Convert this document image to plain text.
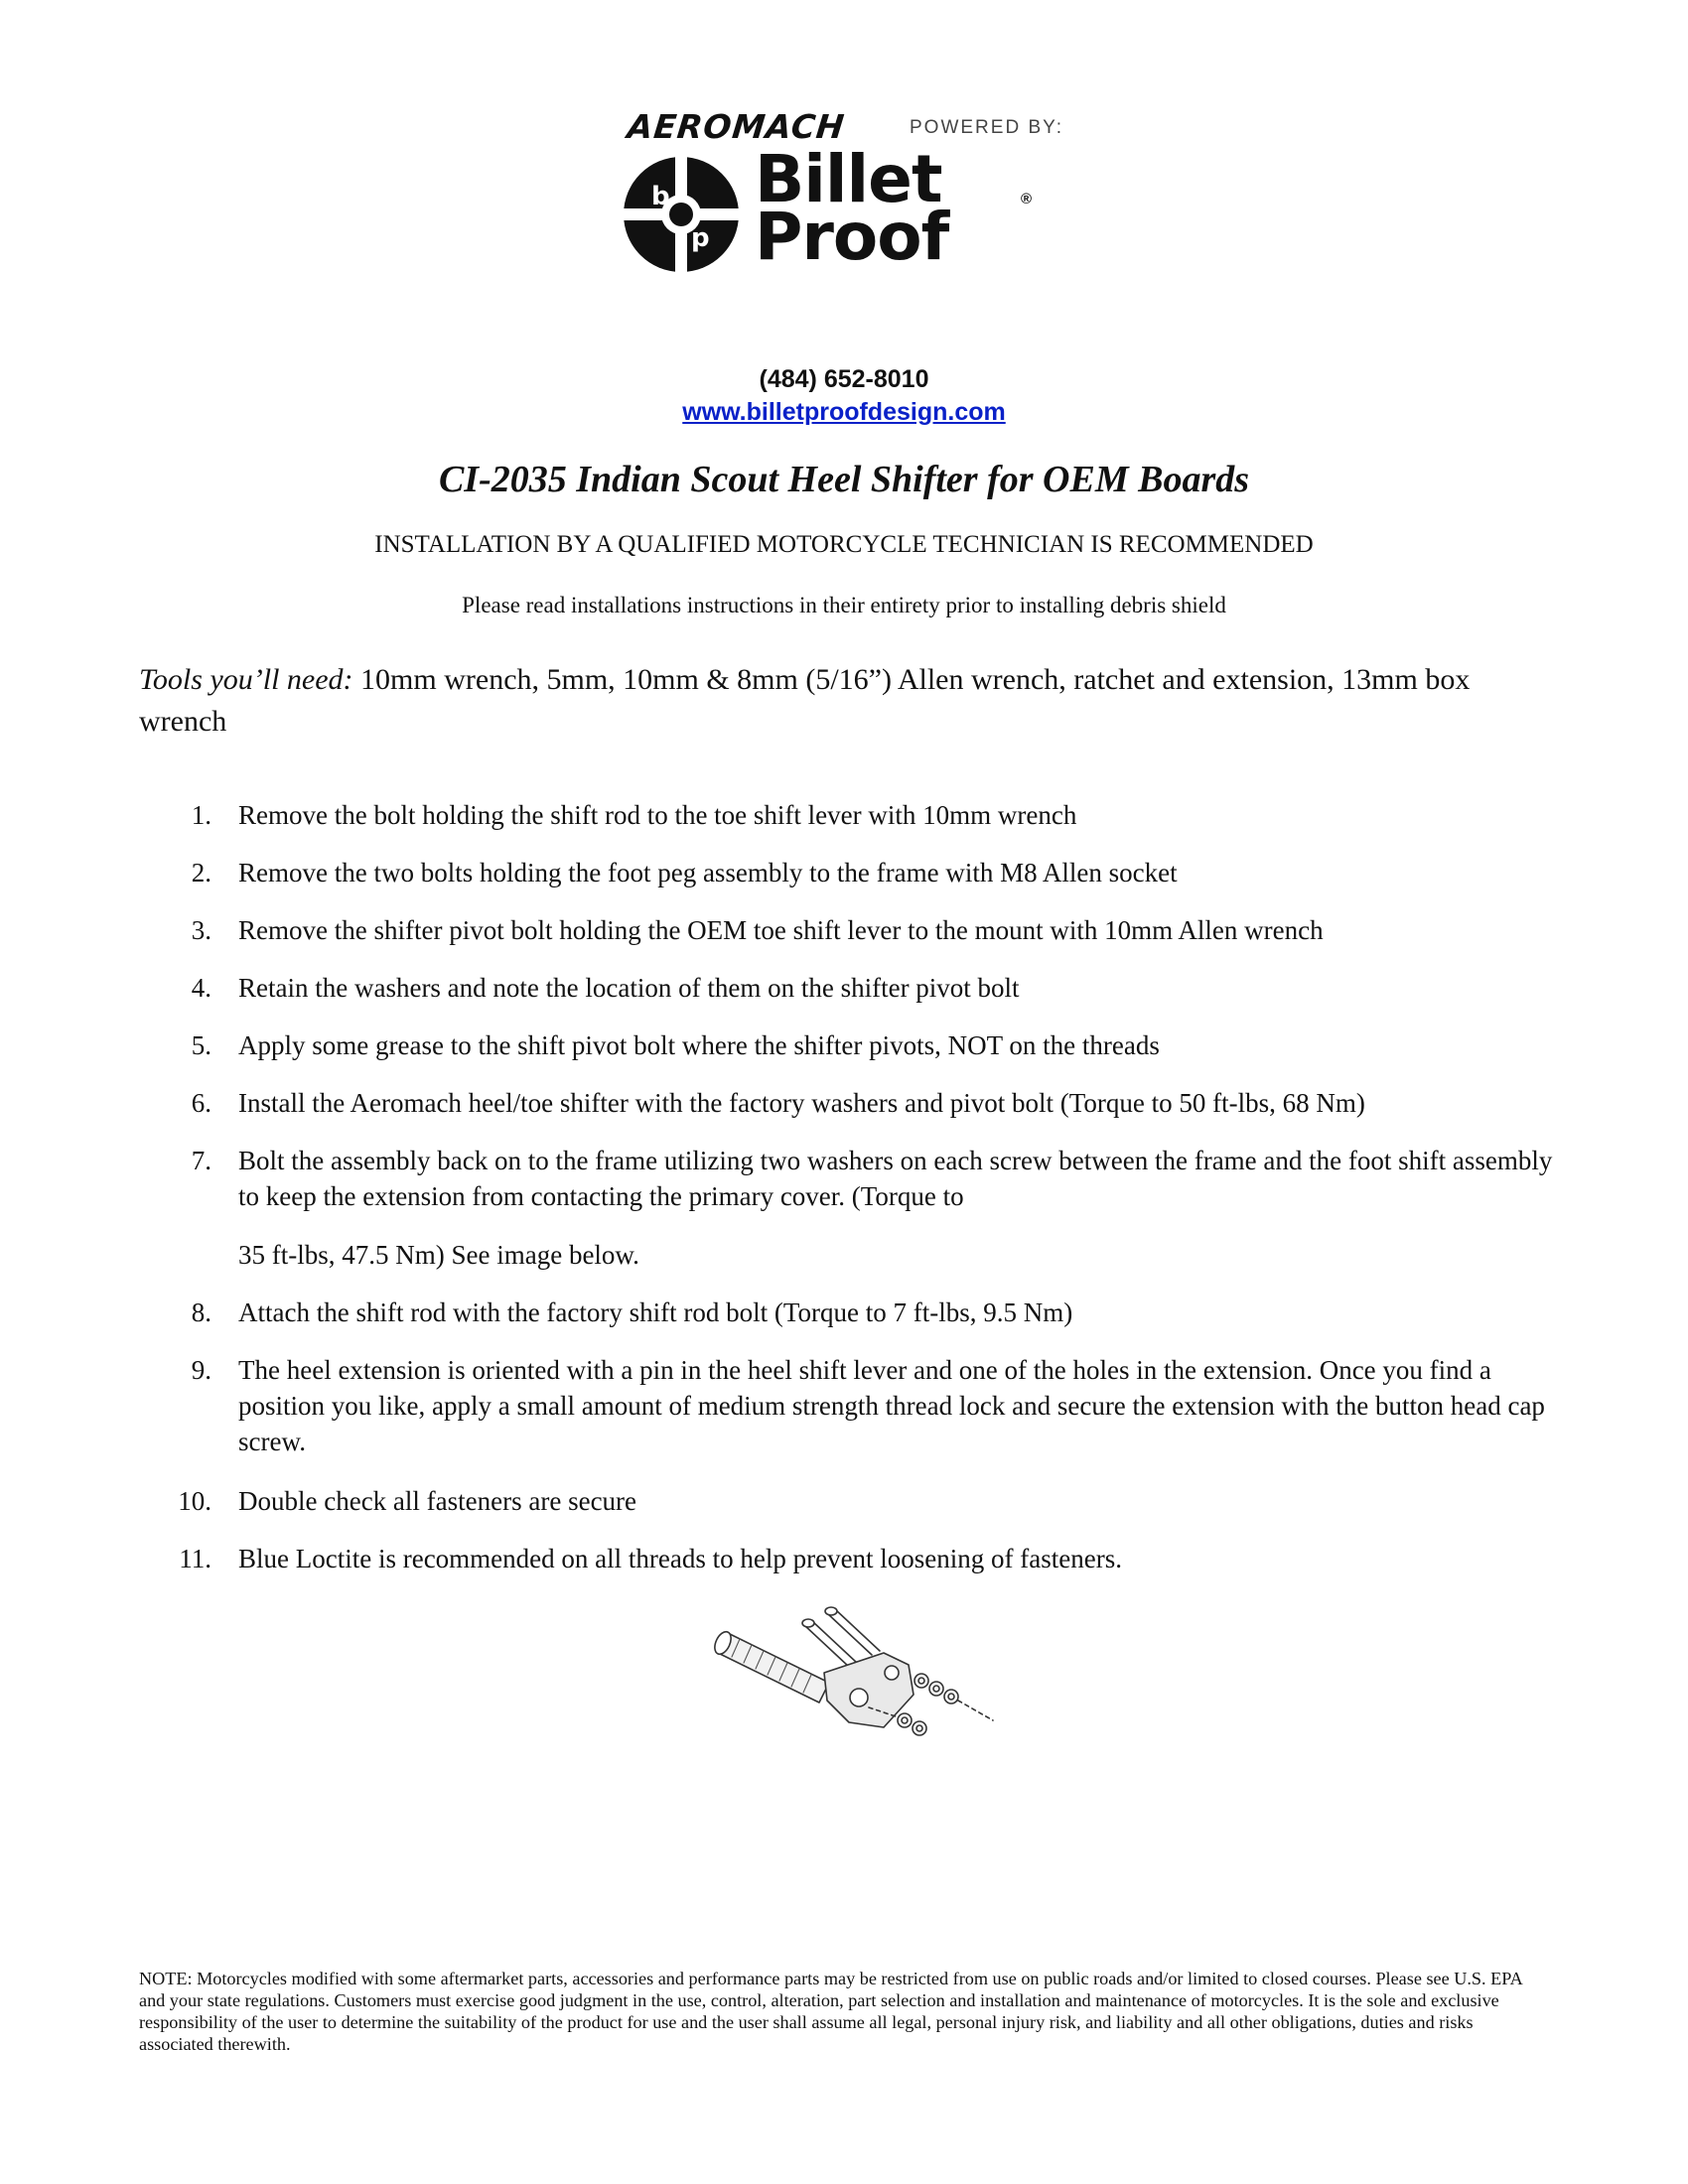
AEROMACH	POWERED BY:
b
p
Billet	®
Proof
(484) 652-8010
www.billetproofdesign.com
CI-2035 Indian Scout Heel Shifter for OEM Boards
INSTALLATION BY A QUALIFIED MOTORCYCLE TECHNICIAN IS RECOMMENDED
Please read installations instructions in their entirety prior to installing debris shield
Tools you’ll need: 10mm wrench, 5mm, 10mm & 8mm (5/16”) Allen wrench, ratchet and extension, 13mm box wrench
1. Remove the bolt holding the shift rod to the toe shift lever with 10mm wrench
2. Remove the two bolts holding the foot peg assembly to the frame with M8 Allen socket
3. Remove the shifter pivot bolt holding the OEM toe shift lever to the mount with 10mm Allen wrench
4. Retain the washers and note the location of them on the shifter pivot bolt
5. Apply some grease to the shift pivot bolt where the shifter pivots, NOT on the threads
6. Install the Aeromach heel/toe shifter with the factory washers and pivot bolt (Torque to 50 ft-lbs, 68 Nm)
7. Bolt the assembly back on to the frame utilizing two washers on each screw between the frame and the foot shift assembly to keep the extension from contacting the primary cover. (Torque to
35 ft-lbs, 47.5 Nm) See image below.
8. Attach the shift rod with the factory shift rod bolt (Torque to 7 ft-lbs, 9.5 Nm)
9. The heel extension is oriented with a pin in the heel shift lever and one of the holes in the extension. Once you find a position you like, apply a small amount of medium strength thread lock and secure the extension with the button head cap screw.
10. Double check all fasteners are secure
11. Blue Loctite is recommended on all threads to help prevent loosening of fasteners.
NOTE: Motorcycles modified with some aftermarket parts, accessories and performance parts may be restricted from use on public roads and/or limited to closed courses. Please see U.S. EPA and your state regulations. Customers must exercise good judgment in the use, control, alteration, part selection and installation and maintenance of motorcycles. It is the sole and exclusive responsibility of the user to determine the suitability of the product for use and the user shall assume all legal, personal injury risk, and liability and all other obligations, duties and risks associated therewith.
